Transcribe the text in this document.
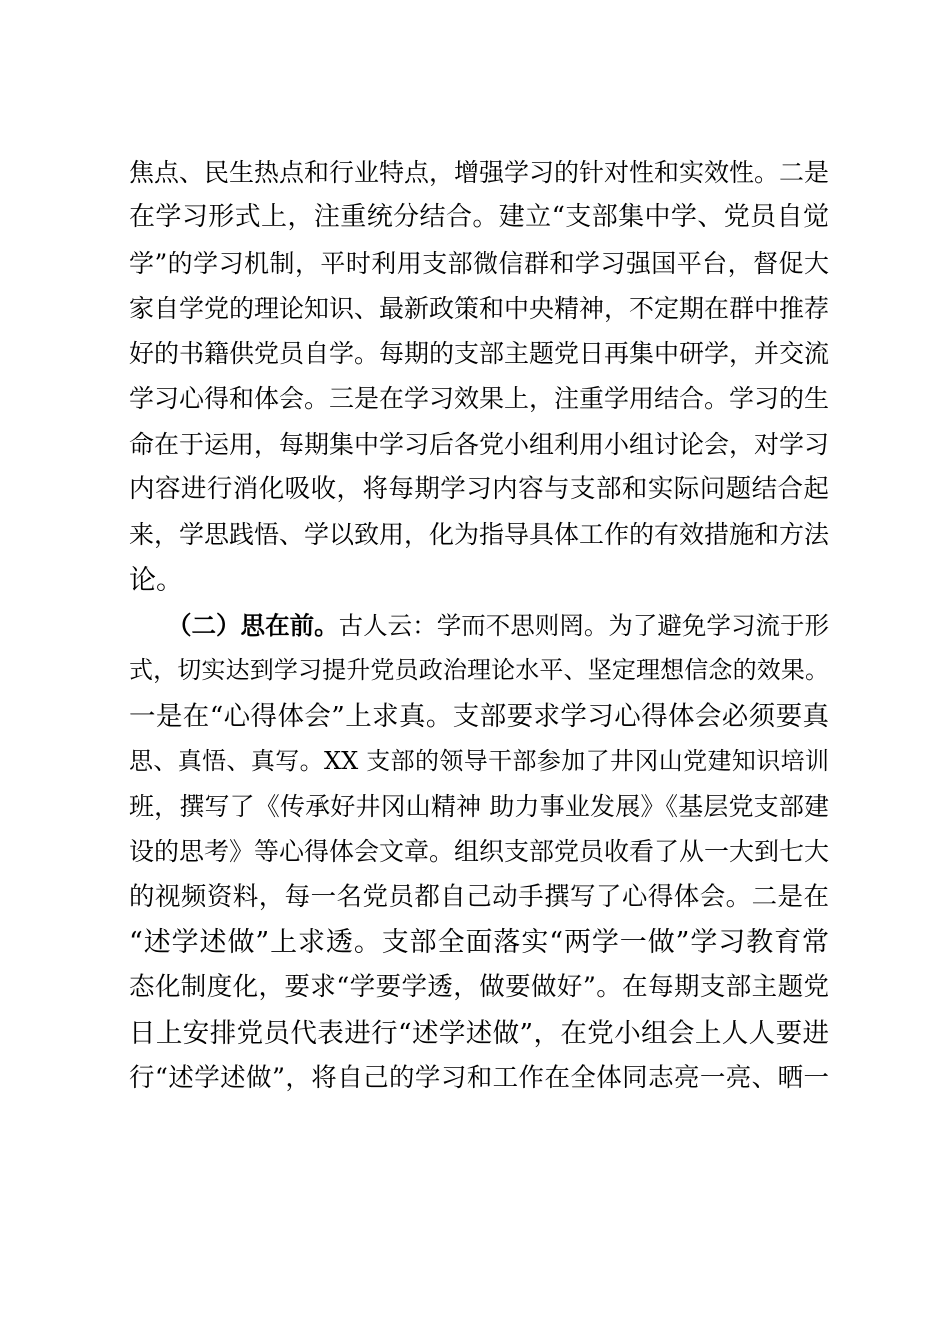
焦点、民生热点和行业特点，增强学习的针对性和实效性。二是
在学习形式上，注重统分结合。建立“支部集中学、党员自觉
学”的学习机制，平时利用支部微信群和学习强国平台，督促大
家自学党的理论知识、最新政策和中央精神，不定期在群中推荐
好的书籍供党员自学。每期的支部主题党日再集中研学，并交流
学习心得和体会。三是在学习效果上，注重学用结合。学习的生
命在于运用，每期集中学习后各党小组利用小组讨论会，对学习
内容进行消化吸收，将每期学习内容与支部和实际问题结合起
来，学思践悟、学以致用，化为指导具体工作的有效措施和方法
论。
（二）思在前。古人云：学而不思则罔。为了避免学习流于形
式，切实达到学习提升党员政治理论水平、坚定理想信念的效果。
一是在“心得体会”上求真。支部要求学习心得体会必须要真
思、真悟、真写。XX 支部的领导干部参加了井冈山党建知识培训
班，撰写了《传承好井冈山精神 助力事业发展》《基层党支部建
设的思考》等心得体会文章。组织支部党员收看了从一大到七大
的视频资料，每一名党员都自己动手撰写了心得体会。二是在
“述学述做”上求透。支部全面落实“两学一做”学习教育常
态化制度化，要求“学要学透，做要做好”。在每期支部主题党
日上安排党员代表进行“述学述做”，在党小组会上人人要进
行“述学述做”，将自己的学习和工作在全体同志亮一亮、晒一
